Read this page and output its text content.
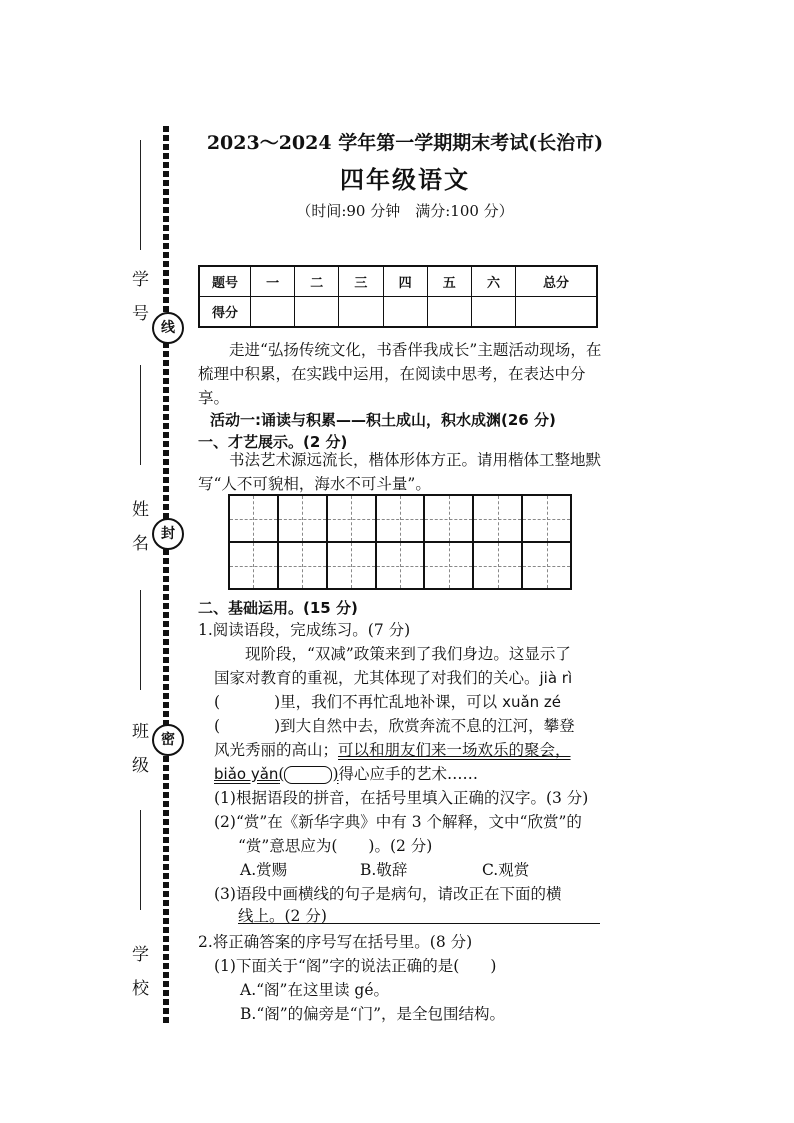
学　号
姓　名
班　级
学　校
线
封
密
2023～2024 学年第一学期期末考试(长治市)
四年级语文
（时间:90 分钟　满分:100 分）
题号	一	二	三	四	五	六	总分
得分							
走进“弘扬传统文化，书香伴我成长”主题活动现场，在梳理中积累，在实践中运用，在阅读中思考，在表达中分享。
活动一:诵读与积累——积土成山，积水成渊(26 分)
一、才艺展示。(2 分)
书法艺术源远流长，楷体形体方正。请用楷体工整地默写“人不可貌相，海水不可斗量”。
二、基础运用。(15 分)
1.阅读语段，完成练习。(7 分)
现阶段，“双减”政策来到了我们身边。这显示了
国家对教育的重视，尤其体现了对我们的关心。jià rì
(	)里，我们不再忙乱地补课，可以 xuǎn zé
(	)到大自然中去，欣赏奔流不息的江河，攀登
风光秀丽的高山；可以和朋友们来一场欢乐的聚会，
biǎo yǎn(	)得心应手的艺术……
(1)根据语段的拼音，在括号里填入正确的汉字。(3 分)
(2)“赏”在《新华字典》中有 3 个解释，文中“欣赏”的
“赏”意思应为(　　)。(2 分)
A.赏赐	B.敬辞	C.观赏
(3)语段中画横线的句子是病句，请改正在下面的横
线上。(2 分)
2.将正确答案的序号写在括号里。(8 分)
(1)下面关于“阁”字的说法正确的是(　　)
A.“阁”在这里读 gé。
B.“阁”的偏旁是“门”，是全包围结构。
